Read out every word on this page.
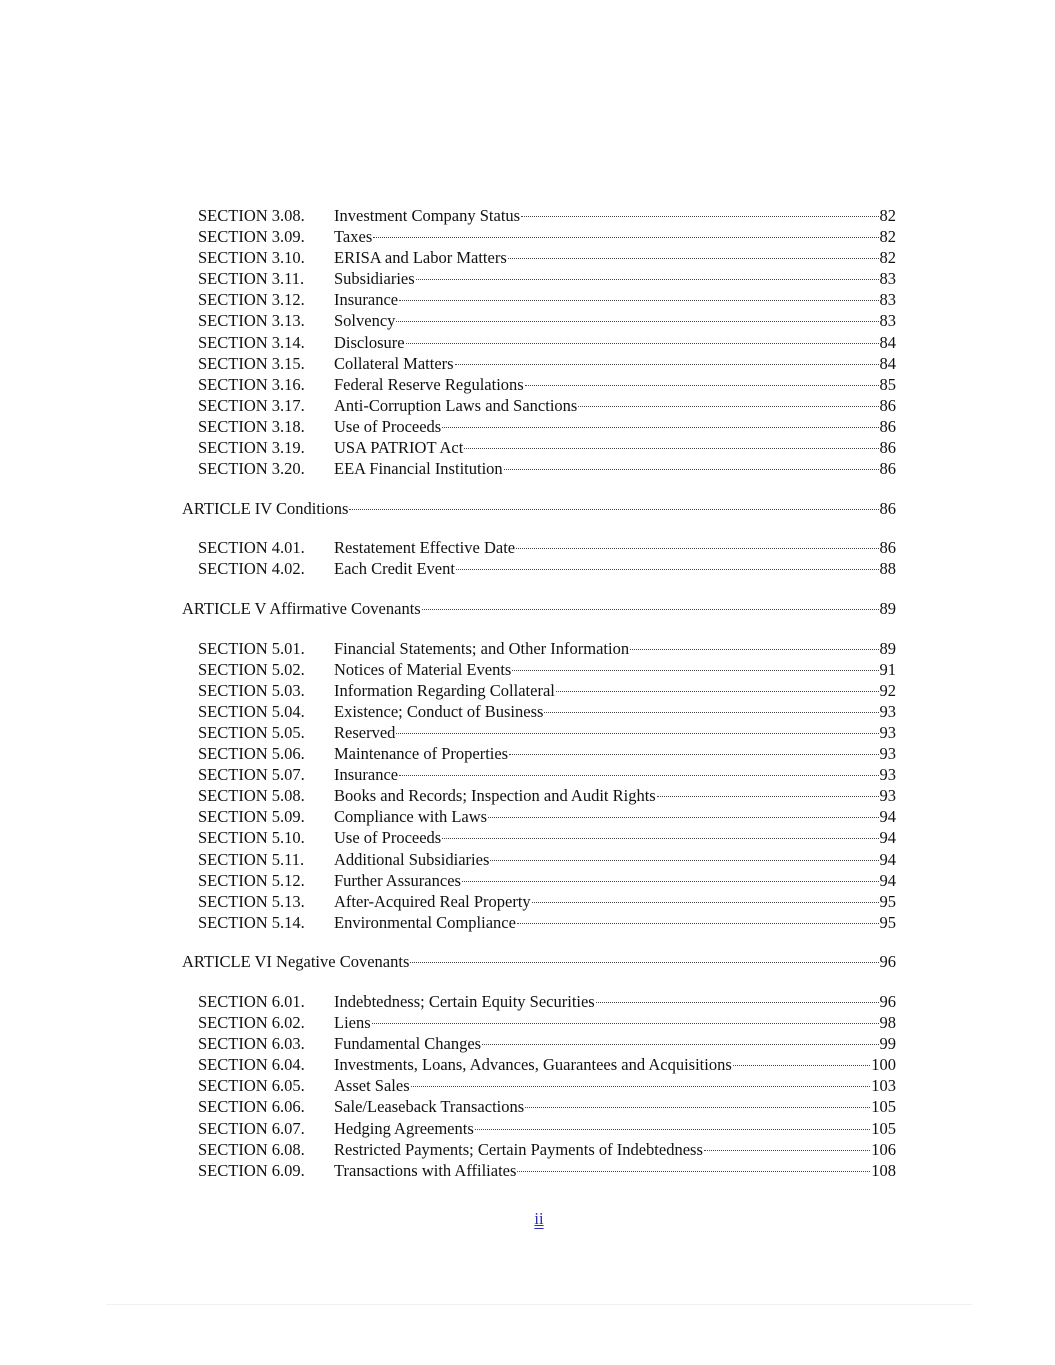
SECTION 3.08.	Investment Company Status	82
SECTION 3.09.	Taxes	82
SECTION 3.10.	ERISA and Labor Matters	82
SECTION 3.11.	Subsidiaries	83
SECTION 3.12.	Insurance	83
SECTION 3.13.	Solvency	83
SECTION 3.14.	Disclosure	84
SECTION 3.15.	Collateral Matters	84
SECTION 3.16.	Federal Reserve Regulations	85
SECTION 3.17.	Anti-Corruption Laws and Sanctions	86
SECTION 3.18.	Use of Proceeds	86
SECTION 3.19.	USA PATRIOT Act	86
SECTION 3.20.	EEA Financial Institution	86
ARTICLE IV Conditions	86
SECTION 4.01.	Restatement Effective Date	86
SECTION 4.02.	Each Credit Event	88
ARTICLE V Affirmative Covenants	89
SECTION 5.01.	Financial Statements; and Other Information	89
SECTION 5.02.	Notices of Material Events	91
SECTION 5.03.	Information Regarding Collateral	92
SECTION 5.04.	Existence; Conduct of Business	93
SECTION 5.05.	Reserved	93
SECTION 5.06.	Maintenance of Properties	93
SECTION 5.07.	Insurance	93
SECTION 5.08.	Books and Records; Inspection and Audit Rights	93
SECTION 5.09.	Compliance with Laws	94
SECTION 5.10.	Use of Proceeds	94
SECTION 5.11.	Additional Subsidiaries	94
SECTION 5.12.	Further Assurances	94
SECTION 5.13.	After-Acquired Real Property	95
SECTION 5.14.	Environmental Compliance	95
ARTICLE VI Negative Covenants	96
SECTION 6.01.	Indebtedness; Certain Equity Securities	96
SECTION 6.02.	Liens	98
SECTION 6.03.	Fundamental Changes	99
SECTION 6.04.	Investments, Loans, Advances, Guarantees and Acquisitions	100
SECTION 6.05.	Asset Sales	103
SECTION 6.06.	Sale/Leaseback Transactions	105
SECTION 6.07.	Hedging Agreements	105
SECTION 6.08.	Restricted Payments; Certain Payments of Indebtedness	106
SECTION 6.09.	Transactions with Affiliates	108
ii
